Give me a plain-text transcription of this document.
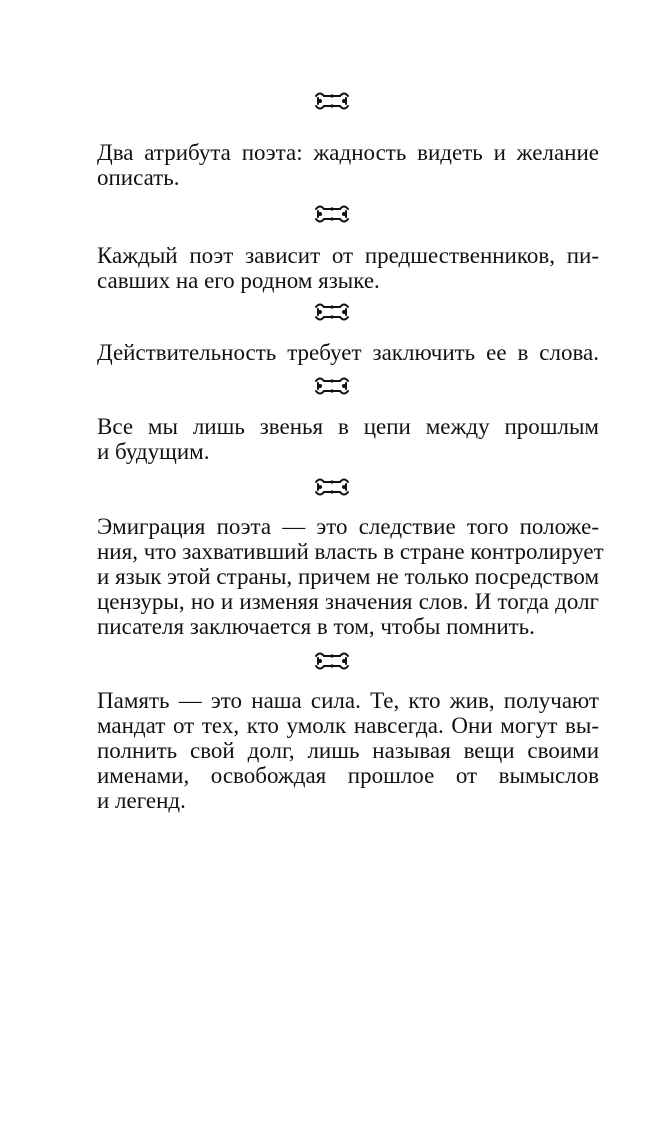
Два атрибута поэта: жадность видеть и желание
описать.

Каждый поэт зависит от предшественников, пи-
савших на его родном языке.

Действительность требует заключить ее в слова.

Все мы лишь звенья в цепи между прошлым
и будущим.

Эмиграция поэта — это следствие того положе-
ния, что захвативший власть в стране контролирует
и язык этой страны, причем не только посредством
цензуры, но и изменяя значения слов. И тогда долг
писателя заключается в том, чтобы помнить.

Память — это наша сила. Те, кто жив, получают
мандат от тех, кто умолк навсегда. Они могут вы-
полнить свой долг, лишь называя вещи своими
именами, освобождая прошлое от вымыслов
и легенд.
